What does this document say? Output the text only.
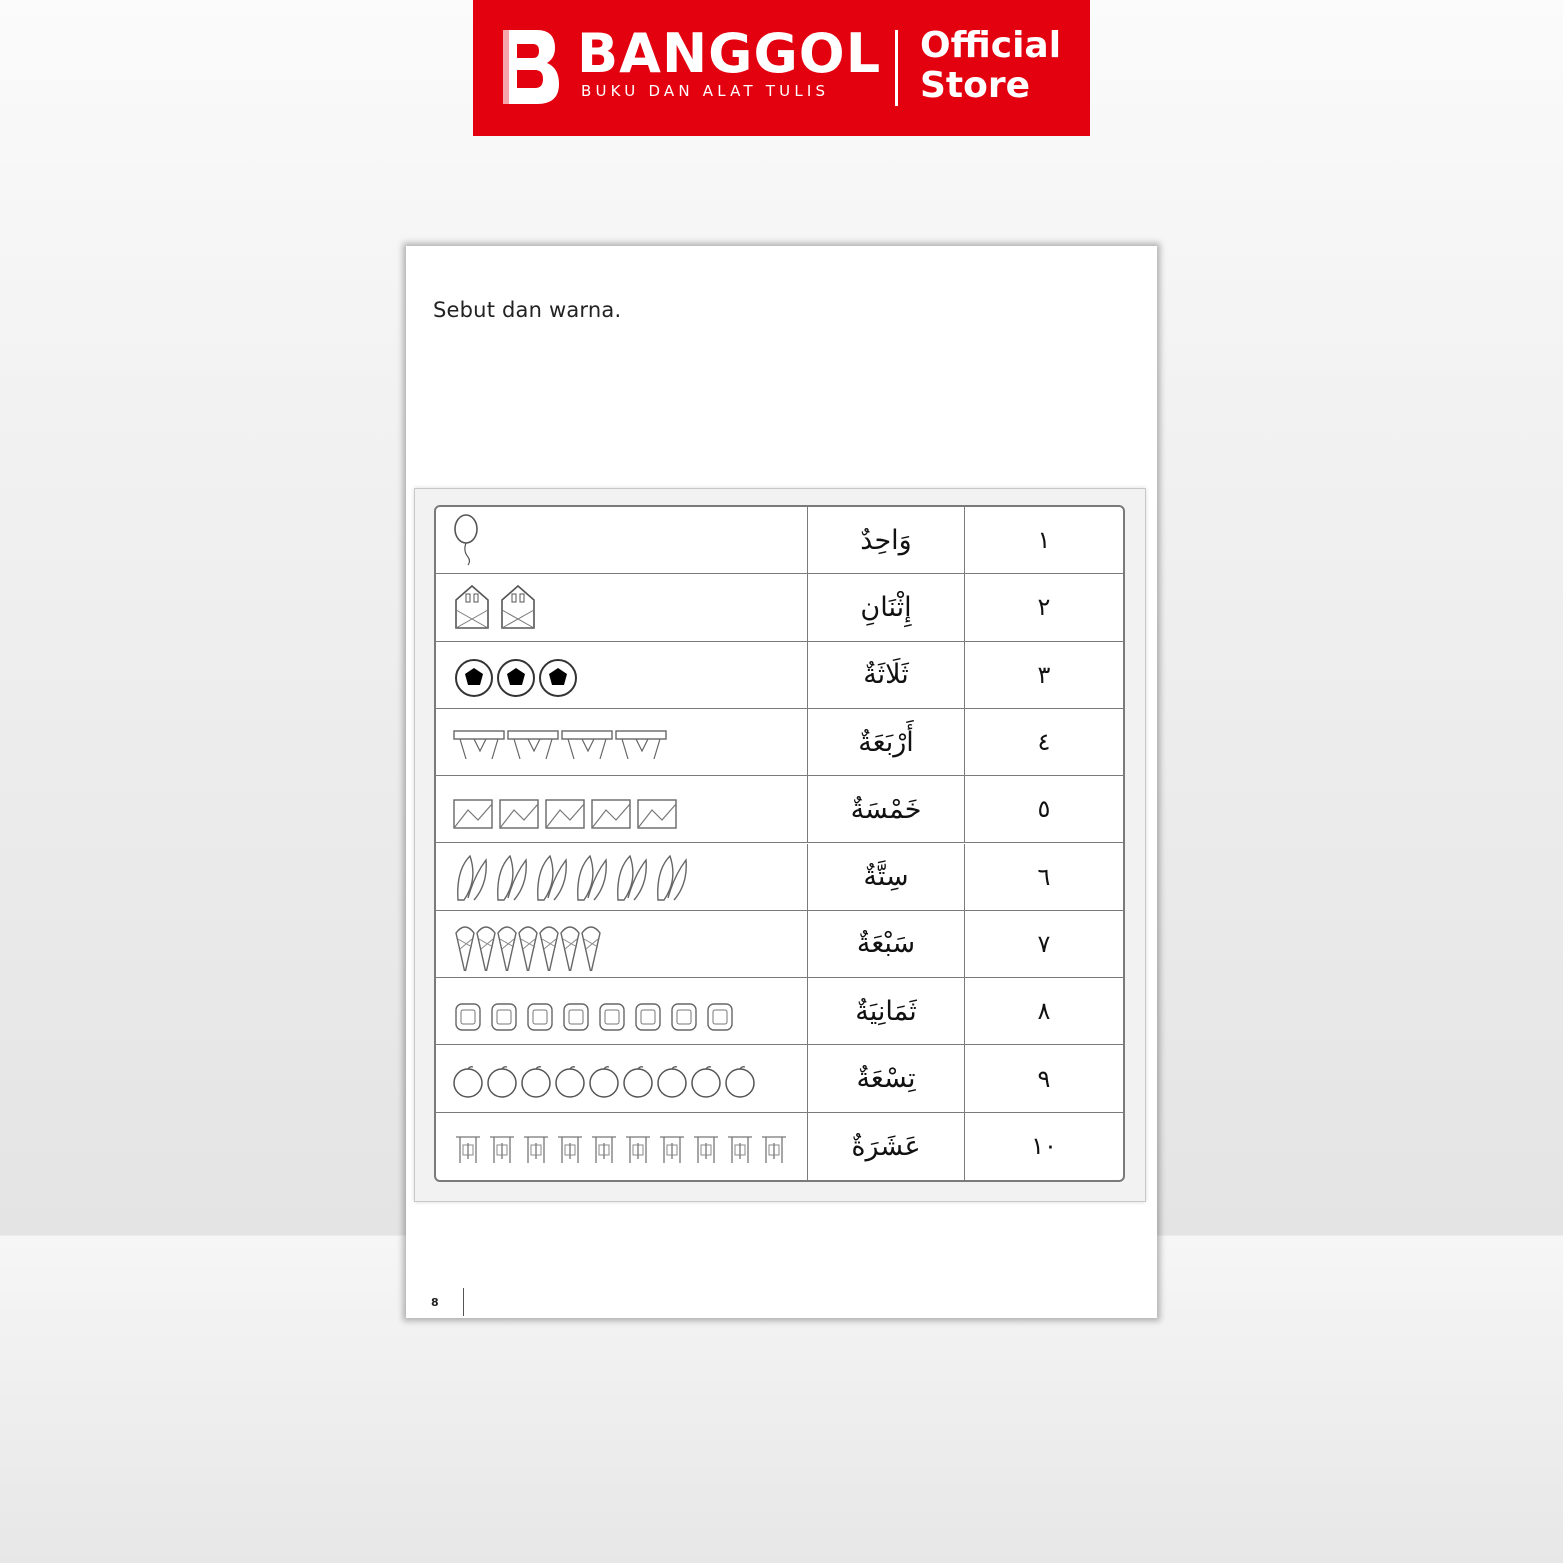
BANGGOL
BUKU DAN ALAT TULIS
Official
Store
Sebut dan warna.
وَاحِدٌ	١
إِثْنَانِ	٢
ثَلَاثَةٌ	٣
أَرْبَعَةٌ	٤
خَمْسَةٌ	٥
سِتَّةٌ	٦
سَبْعَةٌ	٧
ثَمَانِيَةٌ	٨
تِسْعَةٌ	٩
عَشَرَةٌ	١٠
8
